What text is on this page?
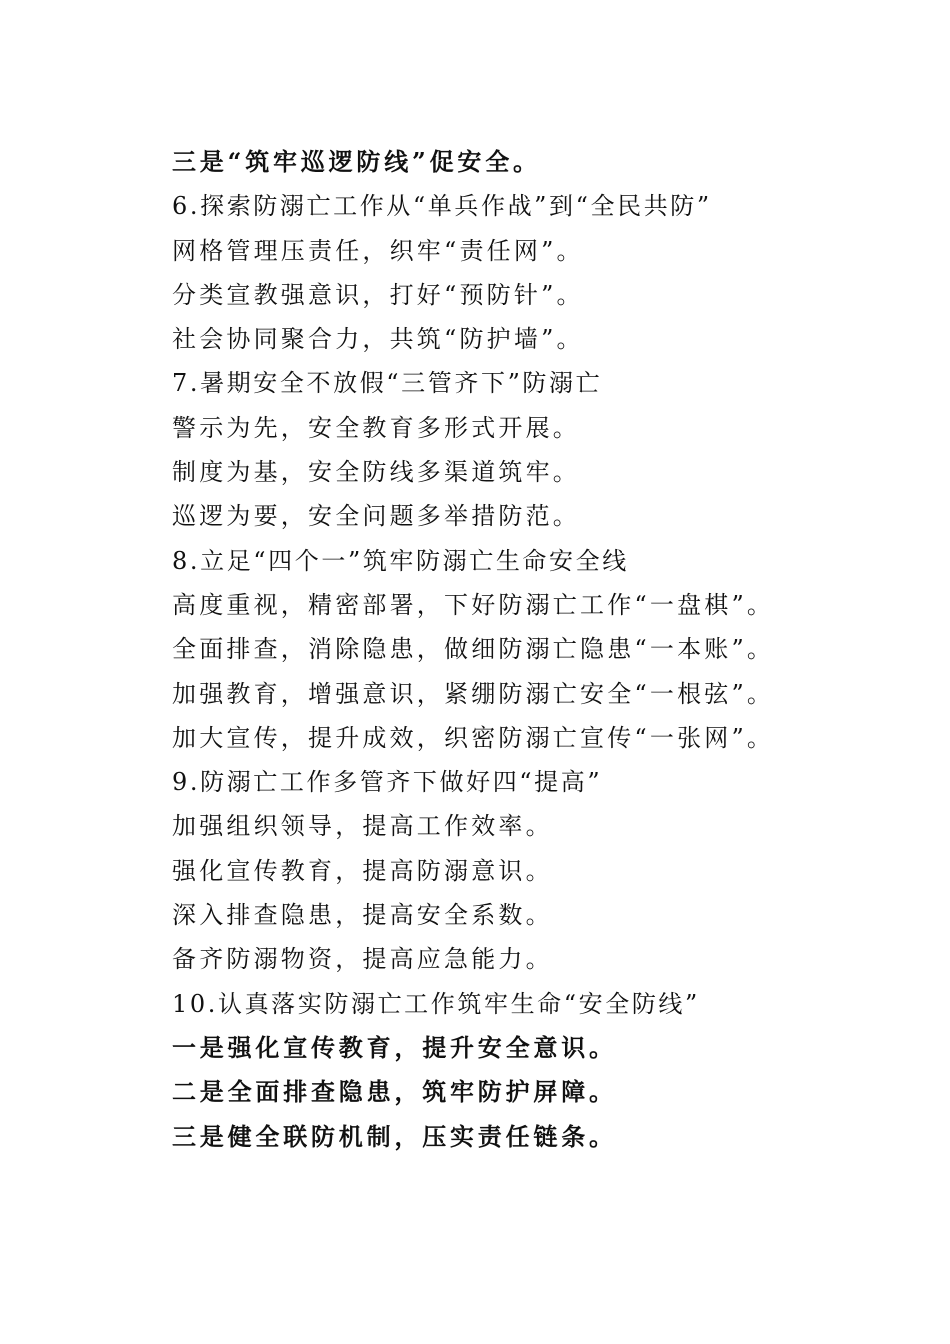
三是“筑牢巡逻防线”促安全。
6.探索防溺亡工作从“单兵作战”到“全民共防”
网格管理压责任，织牢“责任网”。
分类宣教强意识，打好“预防针”。
社会协同聚合力，共筑“防护墙”。
7.暑期安全不放假“三管齐下”防溺亡
警示为先，安全教育多形式开展。
制度为基，安全防线多渠道筑牢。
巡逻为要，安全问题多举措防范。
8.立足“四个一”筑牢防溺亡生命安全线
高度重视，精密部署，下好防溺亡工作“一盘棋”。
全面排查，消除隐患，做细防溺亡隐患“一本账”。
加强教育，增强意识，紧绷防溺亡安全“一根弦”。
加大宣传，提升成效，织密防溺亡宣传“一张网”。
9.防溺亡工作多管齐下做好四“提高”
加强组织领导，提高工作效率。
强化宣传教育，提高防溺意识。
深入排查隐患，提高安全系数。
备齐防溺物资，提高应急能力。
10.认真落实防溺亡工作筑牢生命“安全防线”
一是强化宣传教育，提升安全意识。
二是全面排查隐患，筑牢防护屏障。
三是健全联防机制，压实责任链条。
